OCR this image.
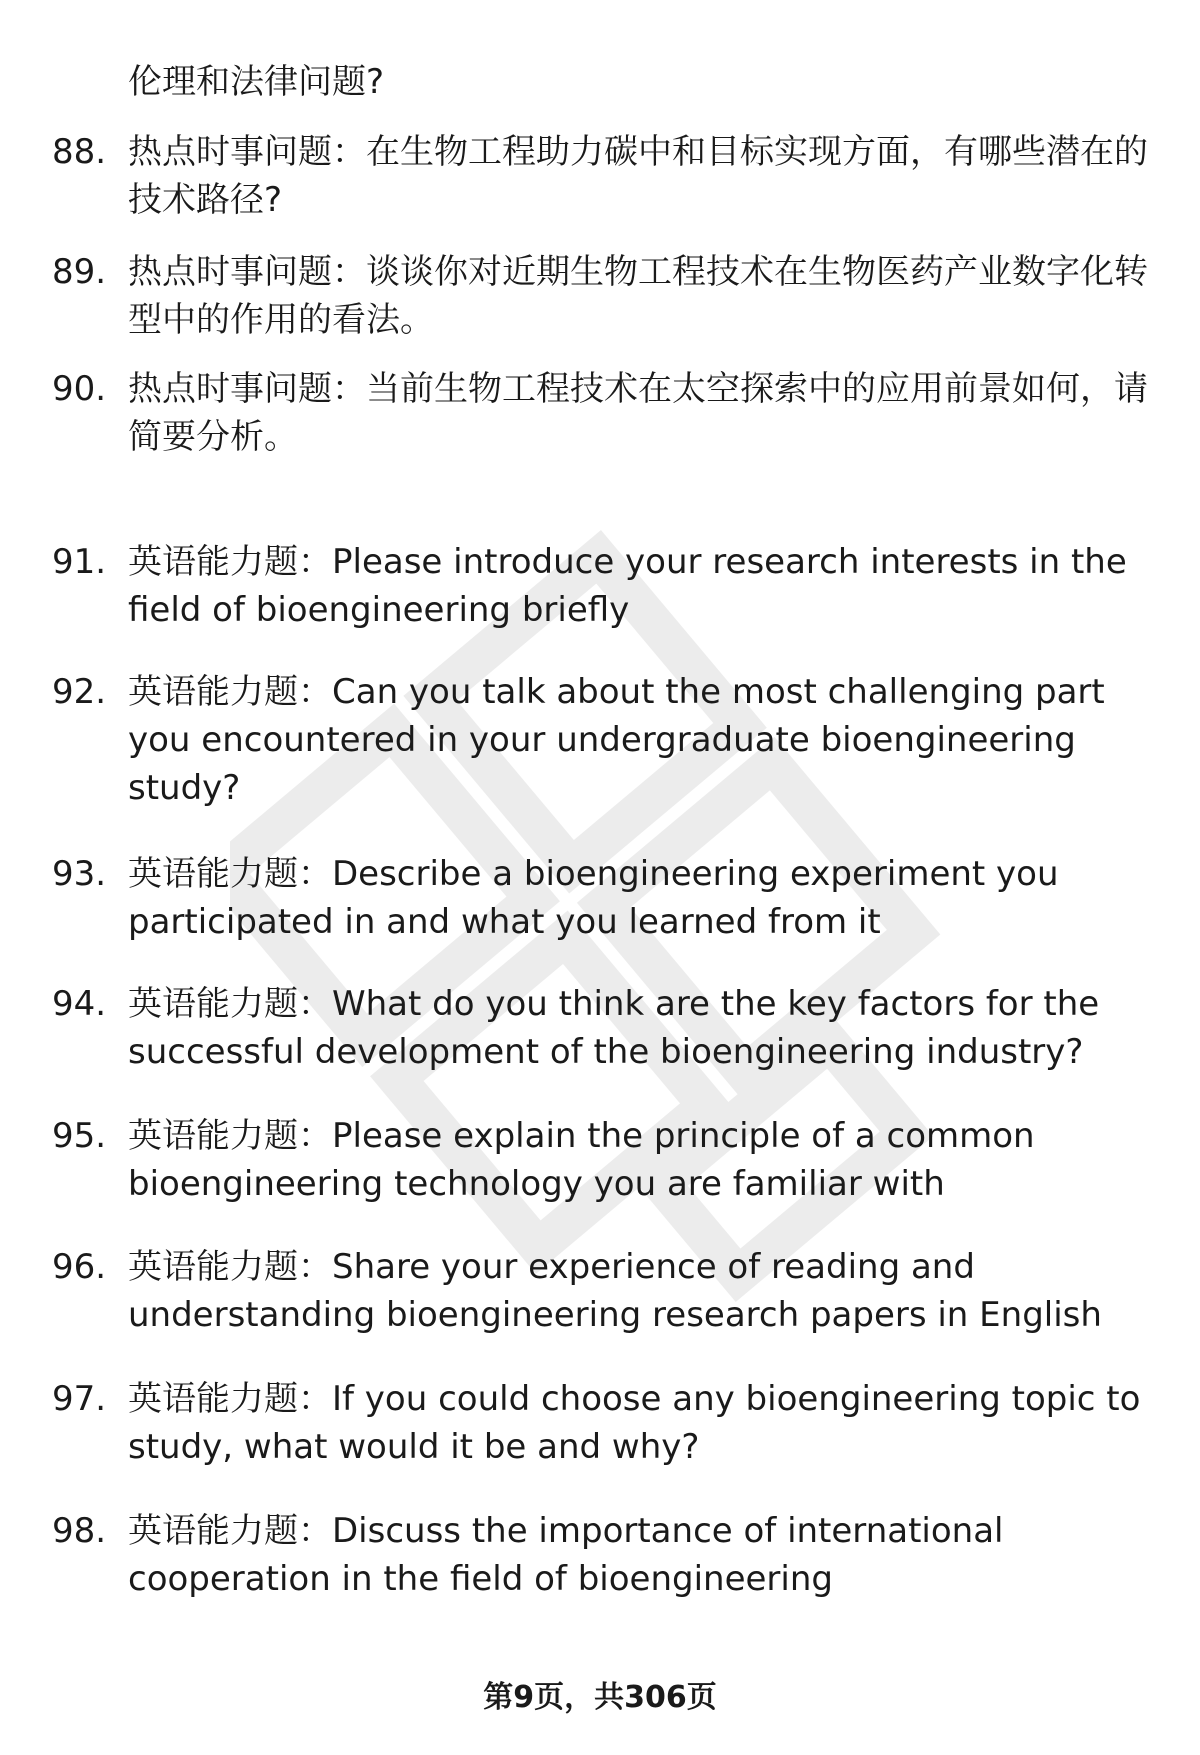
伦理和法律问题?
88. 热点时事问题：在生物工程助力碳中和目标实现方面，有哪些潜在的技术路径?
89. 热点时事问题：谈谈你对近期生物工程技术在生物医药产业数字化转型中的作用的看法。
90. 热点时事问题：当前生物工程技术在太空探索中的应用前景如何，请简要分析。
91. 英语能力题：Please introduce your research interests in the field of bioengineering briefly
92. 英语能力题：Can you talk about the most challenging part you encountered in your undergraduate bioengineering study?
93. 英语能力题：Describe a bioengineering experiment you participated in and what you learned from it
94. 英语能力题：What do you think are the key factors for the successful development of the bioengineering industry?
95. 英语能力题：Please explain the principle of a common bioengineering technology you are familiar with
96. 英语能力题：Share your experience of reading and understanding bioengineering research papers in English
97. 英语能力题：If you could choose any bioengineering topic to study, what would it be and why?
98. 英语能力题：Discuss the importance of international cooperation in the field of bioengineering
第9页，共306页
